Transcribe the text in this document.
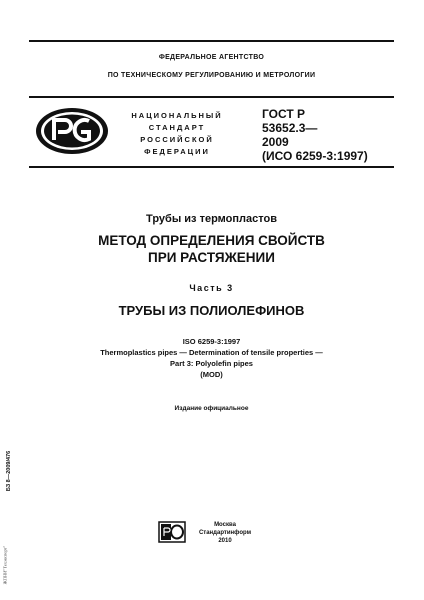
ФЕДЕРАЛЬНОЕ АГЕНТСТВО
ПО ТЕХНИЧЕСКОМУ РЕГУЛИРОВАНИЮ И МЕТРОЛОГИИ
НАЦИОНАЛЬНЫЙ
СТАНДАРТ
РОССИЙСКОЙ
ФЕДЕРАЦИИ
ГОСТ Р
53652.3—
2009
(ИСО 6259-3:1997)
Трубы из термопластов
МЕТОД ОПРЕДЕЛЕНИЯ СВОЙСТВ
ПРИ РАСТЯЖЕНИИ
Часть 3
ТРУБЫ ИЗ ПОЛИОЛЕФИНОВ
ISO 6259-3:1997
Thermoplastics pipes — Determination of tensile properties —
Part 3: Polyolefin pipes
(MOD)
Издание официальное
БЗ 8—2009/476
ЖПНИ"Техэксперт"
Москва
Стандартинформ
2010
